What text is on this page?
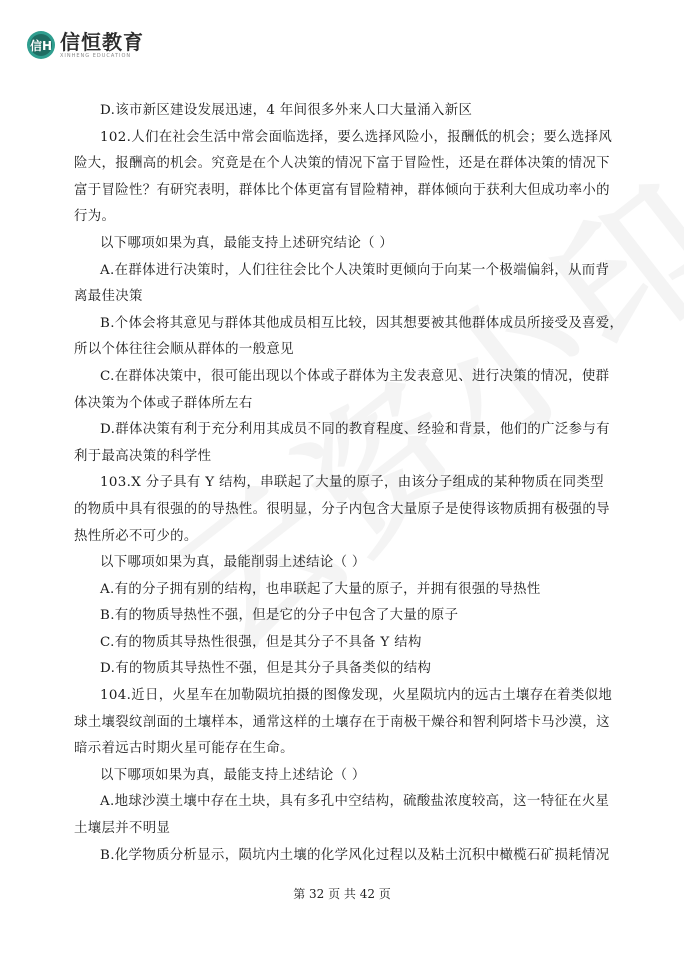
信H 信恒教育
XINHENG EDUCATION
D.该市新区建设发展迅速，4 年间很多外来人口大量涌入新区
102.人们在社会生活中常会面临选择，要么选择风险小，报酬低的机会；要么选择风
险大，报酬高的机会。究竟是在个人决策的情况下富于冒险性，还是在群体决策的情况下
富于冒险性？有研究表明，群体比个体更富有冒险精神，群体倾向于获利大但成功率小的
行为。
以下哪项如果为真，最能支持上述研究结论（ ）
A.在群体进行决策时，人们往往会比个人决策时更倾向于向某一个极端偏斜，从而背
离最佳决策
B.个体会将其意见与群体其他成员相互比较，因其想要被其他群体成员所接受及喜爱，
所以个体往往会顺从群体的一般意见
C.在群体决策中，很可能出现以个体或子群体为主发表意见、进行决策的情况，使群
体决策为个体或子群体所左右
D.群体决策有利于充分利用其成员不同的教育程度、经验和背景，他们的广泛参与有
利于最高决策的科学性
103.X 分子具有 Y 结构，串联起了大量的原子，由该分子组成的某种物质在同类型
的物质中具有很强的的导热性。很明显，分子内包含大量原子是使得该物质拥有极强的导
热性所必不可少的。
以下哪项如果为真，最能削弱上述结论（ ）
A.有的分子拥有别的结构，也串联起了大量的原子，并拥有很强的导热性
B.有的物质导热性不强，但是它的分子中包含了大量的原子
C.有的物质其导热性很强，但是其分子不具备 Y 结构
D.有的物质其导热性不强，但是其分子具备类似的结构
104.近日，火星车在加勒陨坑拍摄的图像发现，火星陨坑内的远古土壤存在着类似地
球土壤裂纹剖面的土壤样本，通常这样的土壤存在于南极干燥谷和智利阿塔卡马沙漠，这
暗示着远古时期火星可能存在生命。
以下哪项如果为真，最能支持上述结论（ ）
A.地球沙漠土壤中存在土块，具有多孔中空结构，硫酸盐浓度较高，这一特征在火星
土壤层并不明显
B.化学物质分析显示，陨坑内土壤的化学风化过程以及粘土沉积中橄榄石矿损耗情况
第 32 页 共 42 页
